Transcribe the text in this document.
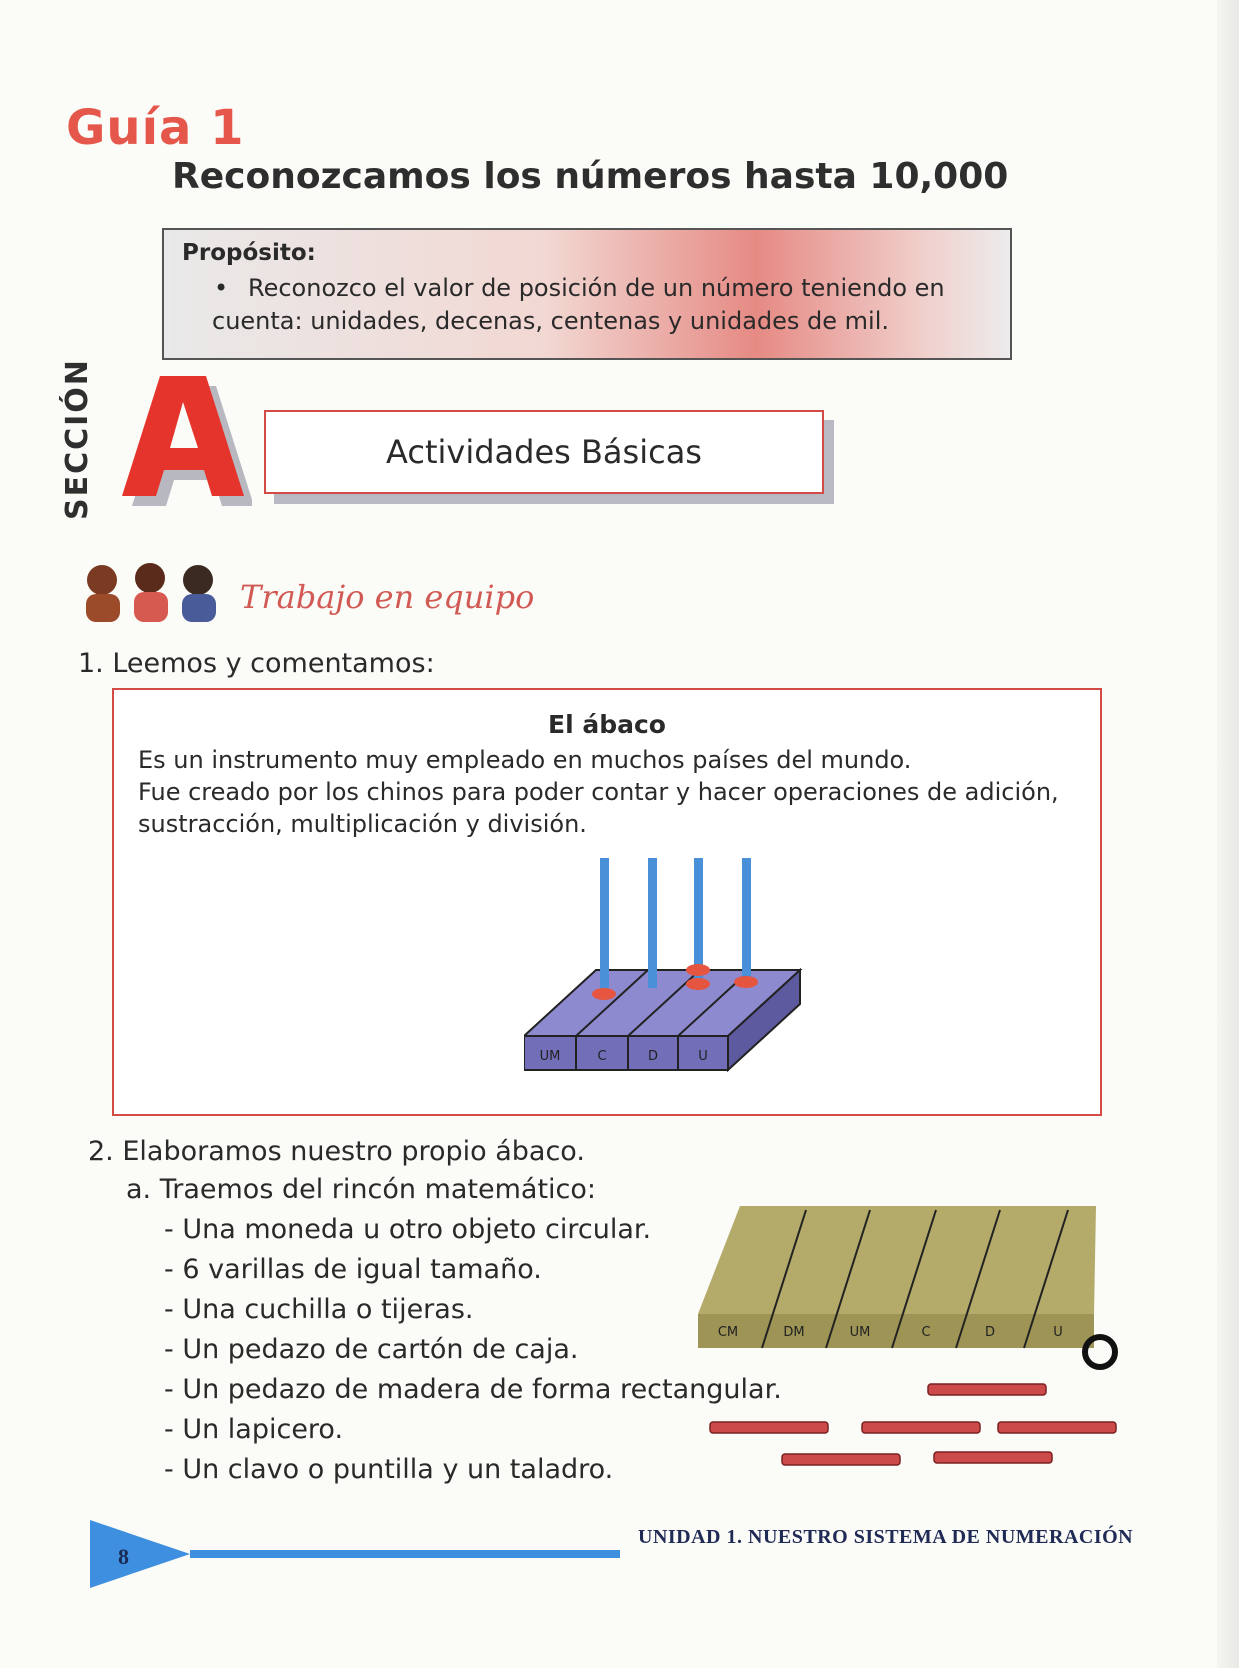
Guía 1
Reconozcamos los números hasta 10,000
Propósito:
• Reconozco el valor de posición de un número teniendo en cuenta: unidades, decenas, centenas y unidades de mil.
SECCIÓN	Actividades Básicas
Trabajo en equipo
1. Leemos y comentamos:
El ábaco
Es un instrumento muy empleado en muchos países del mundo.
Fue creado por los chinos para poder contar y hacer operaciones de adición,
sustracción, multiplicación y división.
UM	C	D	U
2. Elaboramos nuestro propio ábaco.
a. Traemos del rincón matemático:
- Una moneda u otro objeto circular.
- 6 varillas de igual tamaño.
- Una cuchilla o tijeras.
- Un pedazo de cartón de caja.
- Un pedazo de madera de forma rectangular.
- Un lapicero.
- Un clavo o puntilla y un taladro.
CM	DM	UM	C	D	U
8
UNIDAD 1. NUESTRO SISTEMA DE NUMERACIÓN
